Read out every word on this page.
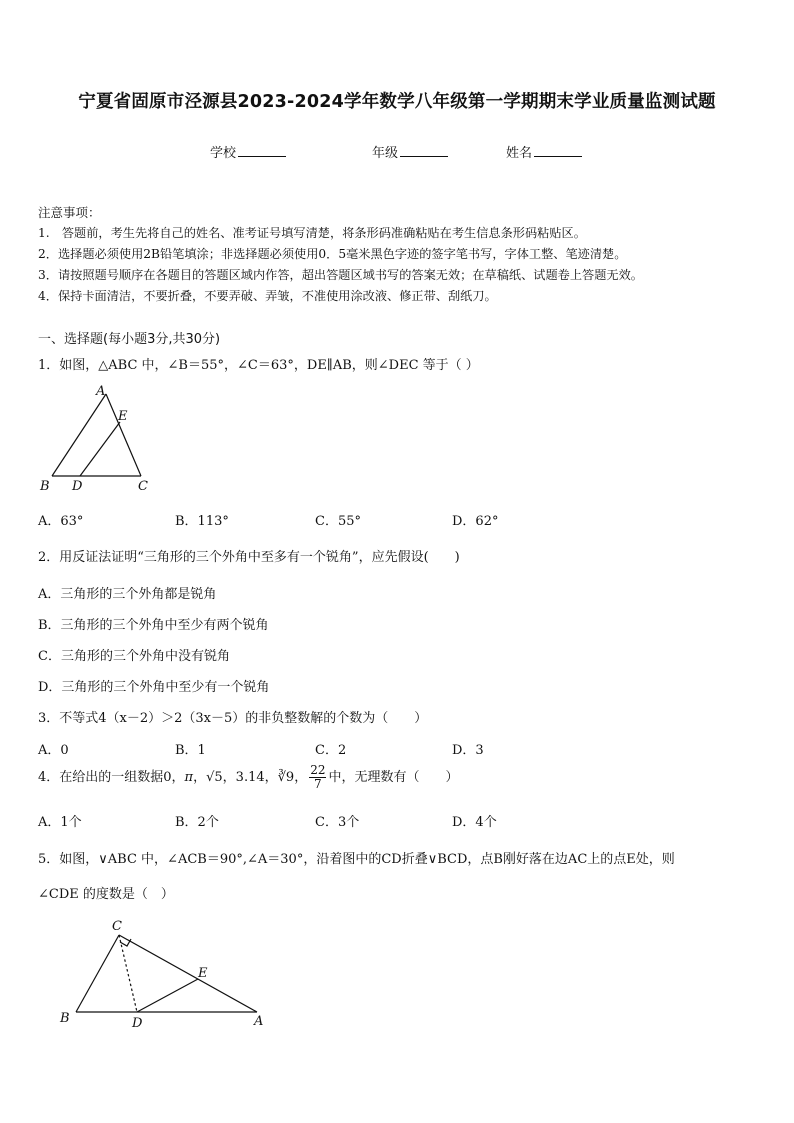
宁夏省固原市泾源县2023-2024学年数学八年级第一学期期末学业质量监测试题
学校	年级	姓名
注意事项：
1.　答题前，考生先将自己的姓名、准考证号填写清楚，将条形码准确粘贴在考生信息条形码粘贴区。
2．选择题必须使用2B铅笔填涂；非选择题必须使用0．5毫米黑色字迹的签字笔书写，字体工整、笔迹清楚。
3．请按照题号顺序在各题目的答题区域内作答，超出答题区域书写的答案无效；在草稿纸、试题卷上答题无效。
4．保持卡面清洁，不要折叠，不要弄破、弄皱，不准使用涂改液、修正带、刮纸刀。
一、选择题(每小题3分,共30分)
1．如图，△ABC 中，∠B＝55°，∠C＝63°，DE∥AB，则∠DEC 等于（ ）
A
E
B D	C
A．63°	B．113°	C．55°	D．62°
2．用反证法证明“三角形的三个外角中至多有一个锐角”，应先假设(　　)
A．三角形的三个外角都是锐角
B．三角形的三个外角中至少有两个锐角
C．三角形的三个外角中没有锐角
D．三角形的三个外角中至少有一个锐角
3．不等式4（x－2）＞2（3x－5）的非负整数解的个数为（　　）
A．0	B．1	C．2	D．3
4．在给出的一组数据0，π，√5，3.14，∛9， $\frac{22}{7}$ 中，无理数有（　　）
A．1个	B．2个	C．3个	D．4个
5．如图，∨ABC 中，∠ACB＝90°,∠A＝30°，沿着图中的CD折叠∨BCD，点B刚好落在边AC上的点E处，则
∠CDE 的度数是（　）
C
E
B	D	A
